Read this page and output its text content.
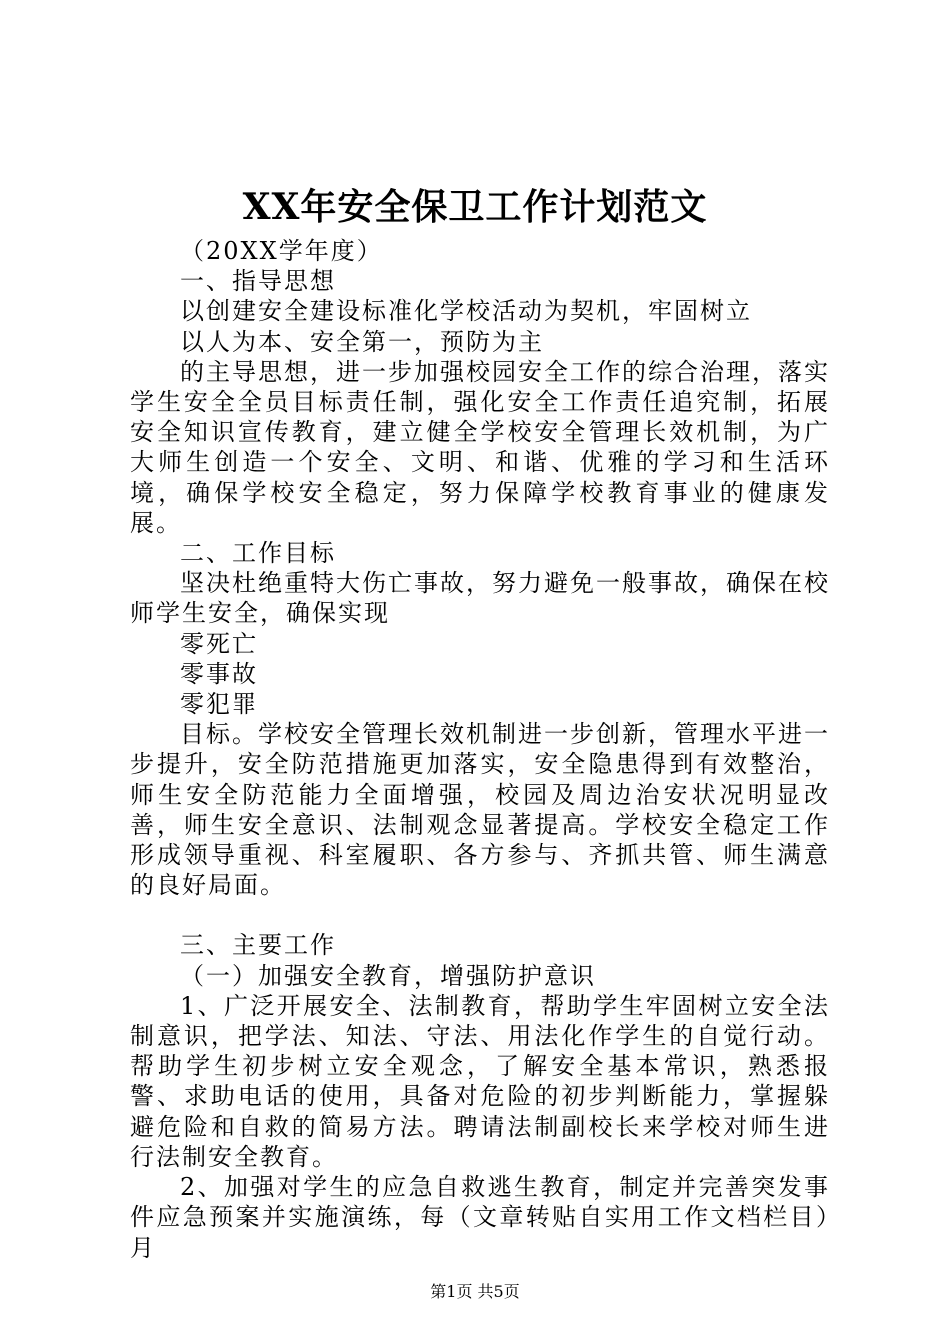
XX年安全保卫工作计划范文

（20XX学年度）

一、指导思想

以创建安全建设标准化学校活动为契机，牢固树立

以人为本、安全第一，预防为主

的主导思想，进一步加强校园安全工作的综合治理，落实学生安全全员目标责任制，强化安全工作责任追究制，拓展安全知识宣传教育，建立健全学校安全管理长效机制，为广大师生创造一个安全、文明、和谐、优雅的学习和生活环境，确保学校安全稳定，努力保障学校教育事业的健康发展。

二、工作目标

坚决杜绝重特大伤亡事故，努力避免一般事故，确保在校师学生安全，确保实现

零死亡

零事故

零犯罪

目标。学校安全管理长效机制进一步创新，管理水平进一步提升，安全防范措施更加落实，安全隐患得到有效整治，师生安全防范能力全面增强，校园及周边治安状况明显改善，师生安全意识、法制观念显著提高。学校安全稳定工作形成领导重视、科室履职、各方参与、齐抓共管、师生满意的良好局面。

三、主要工作

（一）加强安全教育，增强防护意识

1、广泛开展安全、法制教育，帮助学生牢固树立安全法制意识，把学法、知法、守法、用法化作学生的自觉行动。帮助学生初步树立安全观念，了解安全基本常识，熟悉报警、求助电话的使用，具备对危险的初步判断能力，掌握躲避危险和自救的简易方法。聘请法制副校长来学校对师生进行法制安全教育。

2、加强对学生的应急自救逃生教育，制定并完善突发事件应急预案并实施演练，每（文章转贴自实用工作文档栏目）月

第1页 共5页
